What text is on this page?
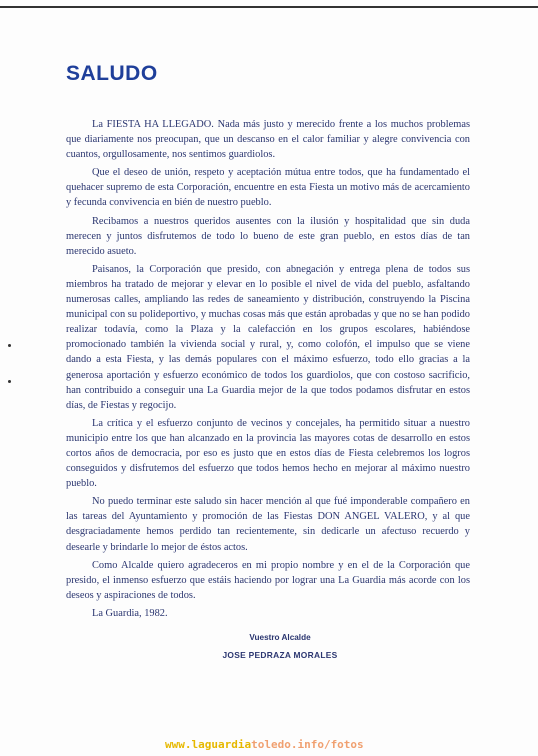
SALUDO

La FIESTA HA LLEGADO. Nada más justo y merecido frente a los muchos problemas que diariamente nos preocupan, que un descanso en el calor familiar y alegre convivencia con cuantos, orgullosamente, nos sentimos guardiolos.

Que el deseo de unión, respeto y aceptación mútua entre todos, que ha fundamentado el quehacer supremo de esta Corporación, encuentre en esta Fiesta un motivo más de acercamiento y fecunda convivencia en bién de nuestro pueblo.

Recibamos a nuestros queridos ausentes con la ilusión y hospitalidad que sin duda merecen y juntos disfrutemos de todo lo bueno de este gran pueblo, en estos días de tan merecido asueto.

Paisanos, la Corporación que presido, con abnegación y entrega plena de todos sus miembros ha tratado de mejorar y elevar en lo posible el nivel de vida del pueblo, asfaltando numerosas calles, ampliando las redes de saneamiento y distribución, construyendo la Piscina municipal con su polideportivo, y muchas cosas más que están aprobadas y que no se han podido realizar todavía, como la Plaza y la calefacción en los grupos escolares, habiéndose promocionado también la vivienda social y rural, y, como colofón, el impulso que se viene dando a esta Fiesta, y las demás populares con el máximo esfuerzo, todo ello gracias a la generosa aportación y esfuerzo económico de todos los guardiolos, que con costoso sacrificio, han contribuido a conseguir una La Guardia mejor de la que todos podamos disfrutar en estos días, de Fiestas y regocijo.

La crítica y el esfuerzo conjunto de vecinos y concejales, ha permitido situar a nuestro municipio entre los que han alcanzado en la provincia las mayores cotas de desarrollo en estos cortos años de democracia, por eso es justo que en estos días de Fiesta celebremos los logros conseguidos y disfrutemos del esfuerzo que todos hemos hecho en mejorar al máximo nuestro pueblo.

No puedo terminar este saludo sin hacer mención al que fué imponderable compañero en las tareas del Ayuntamiento y promoción de las Fiestas DON ANGEL VALERO, y al que desgraciadamente hemos perdido tan recientemente, sin dedicarle un afectuso recuerdo y desearle y brindarle lo mejor de éstos actos.

Como Alcalde quiero agradeceros en mi propio nombre y en el de la Corporación que presido, el inmenso esfuerzo que estáis haciendo por lograr una La Guardia más acorde con los deseos y aspiraciones de todos.

La Guardia, 1982.

Vuestro Alcalde
JOSE PEDRAZA MORALES
www.laguardiatoledo.info/fotos
